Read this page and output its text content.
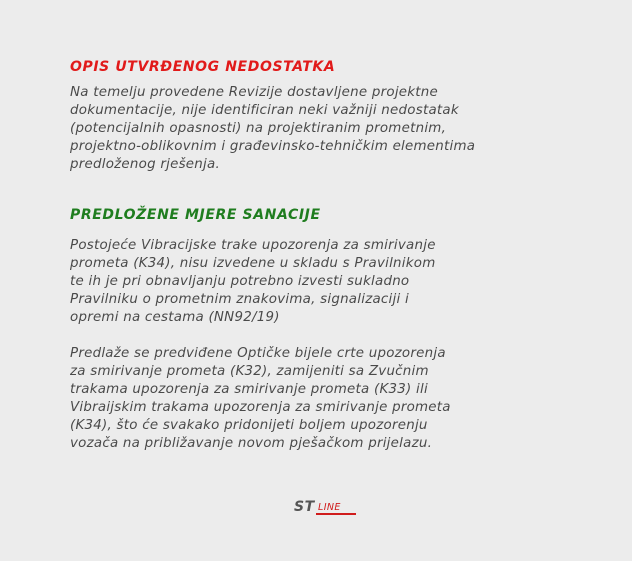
OPIS UTVRĐENOG NEDOSTATKA

Na temelju provedene Revizije dostavljene projektne
dokumentacije, nije identificiran neki važniji nedostatak
(potencijalnih opasnosti) na projektiranim prometnim,
projektno-oblikovnim i građevinsko-tehničkim elementima
predloženog rješenja.

PREDLOŽENE MJERE SANACIJE

Postojeće Vibracijske trake upozorenja za smirivanje
prometa (K34), nisu izvedene u skladu s Pravilnikom
te ih je pri obnavljanju potrebno izvesti sukladno
Pravilniku o prometnim znakovima, signalizaciji i
opremi na cestama (NN92/19)

Predlaže se predviđene Optičke bijele crte upozorenja
za smirivanje prometa (K32), zamijeniti sa Zvučnim
trakama upozorenja za smirivanje prometa (K33) ili
Vibraijskim trakama upozorenja za smirivanje prometa
(K34), što će svakako pridonijeti boljem upozorenju
vozača na približavanje novom pješačkom prijelazu.

ST LINE
